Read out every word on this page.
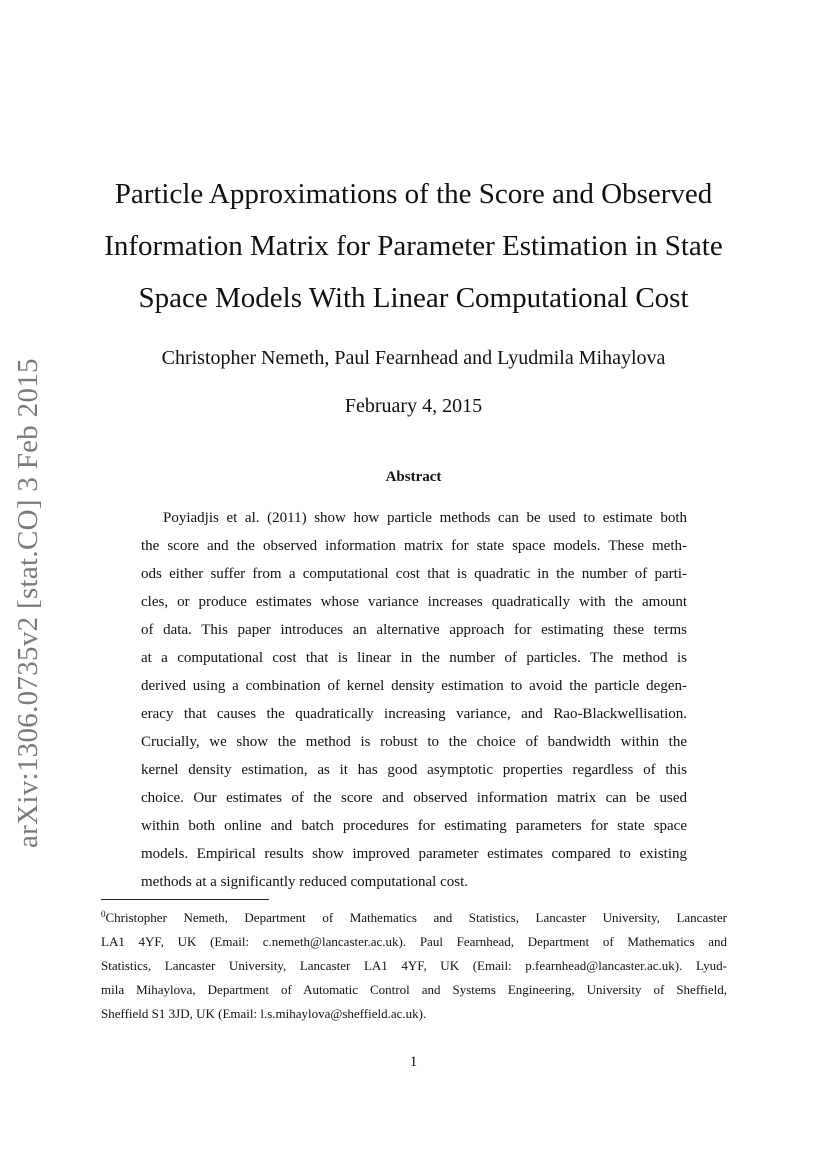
arXiv:1306.0735v2 [stat.CO] 3 Feb 2015
Particle Approximations of the Score and Observed
Information Matrix for Parameter Estimation in State
Space Models With Linear Computational Cost
Christopher Nemeth, Paul Fearnhead and Lyudmila Mihaylova
February 4, 2015
Abstract
Poyiadjis et al. (2011) show how particle methods can be used to estimate both
the score and the observed information matrix for state space models. These meth-
ods either suffer from a computational cost that is quadratic in the number of parti-
cles, or produce estimates whose variance increases quadratically with the amount
of data. This paper introduces an alternative approach for estimating these terms
at a computational cost that is linear in the number of particles. The method is
derived using a combination of kernel density estimation to avoid the particle degen-
eracy that causes the quadratically increasing variance, and Rao-Blackwellisation.
Crucially, we show the method is robust to the choice of bandwidth within the
kernel density estimation, as it has good asymptotic properties regardless of this
choice. Our estimates of the score and observed information matrix can be used
within both online and batch procedures for estimating parameters for state space
models. Empirical results show improved parameter estimates compared to existing
methods at a significantly reduced computational cost.
$^0$Christopher Nemeth, Department of Mathematics and Statistics, Lancaster University, Lancaster
LA1 4YF, UK (Email: c.nemeth@lancaster.ac.uk). Paul Fearnhead, Department of Mathematics and
Statistics, Lancaster University, Lancaster LA1 4YF, UK (Email: p.fearnhead@lancaster.ac.uk). Lyud-
mila Mihaylova, Department of Automatic Control and Systems Engineering, University of Sheffield,
Sheffield S1 3JD, UK (Email: l.s.mihaylova@sheffield.ac.uk).
1
